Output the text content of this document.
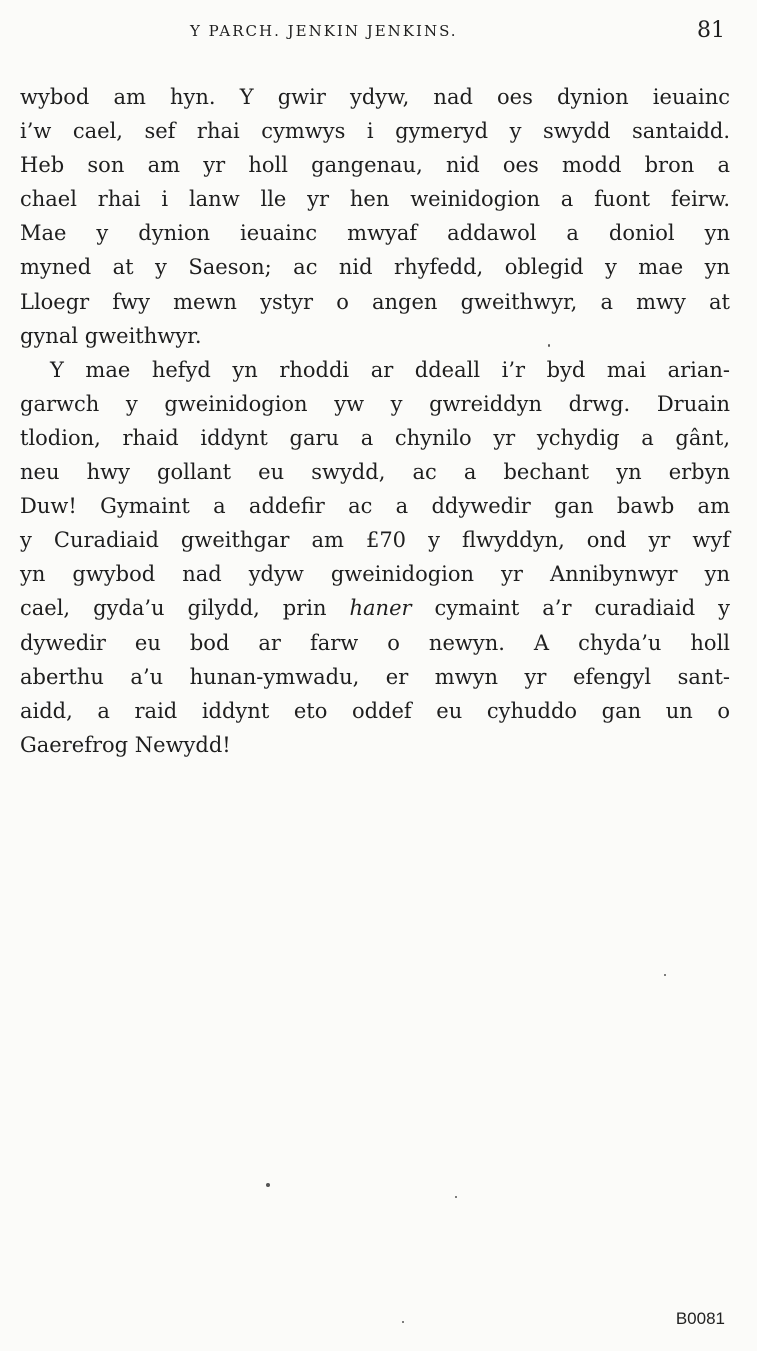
Y PARCH. JENKIN JENKINS.	81
wybod am hyn. Y gwir ydyw, nad oes dynion ieuainc
i’w cael, sef rhai cymwys i gymeryd y swydd santaidd.
Heb son am yr holl gangenau, nid oes modd bron a
chael rhai i lanw lle yr hen weinidogion a fuont feirw.
Mae y dynion ieuainc mwyaf addawol a doniol yn
myned at y Saeson; ac nid rhyfedd, oblegid y mae yn
Lloegr fwy mewn ystyr o angen gweithwyr, a mwy at
gynal gweithwyr.
Y mae hefyd yn rhoddi ar ddeall i’r byd mai arian-
garwch y gweinidogion yw y gwreiddyn drwg. Druain
tlodion, rhaid iddynt garu a chynilo yr ychydig a gânt,
neu hwy gollant eu swydd, ac a bechant yn erbyn
Duw! Gymaint a addefir ac a ddywedir gan bawb am
y Curadiaid gweithgar am £70 y flwyddyn, ond yr wyf
yn gwybod nad ydyw gweinidogion yr Annibynwyr yn
cael, gyda’u gilydd, prin haner cymaint a’r curadiaid y
dywedir eu bod ar farw o newyn. A chyda’u holl
aberthu a’u hunan-ymwadu, er mwyn yr efengyl sant-
aidd, a raid iddynt eto oddef eu cyhuddo gan un o
Gaerefrog Newydd!
B0081
